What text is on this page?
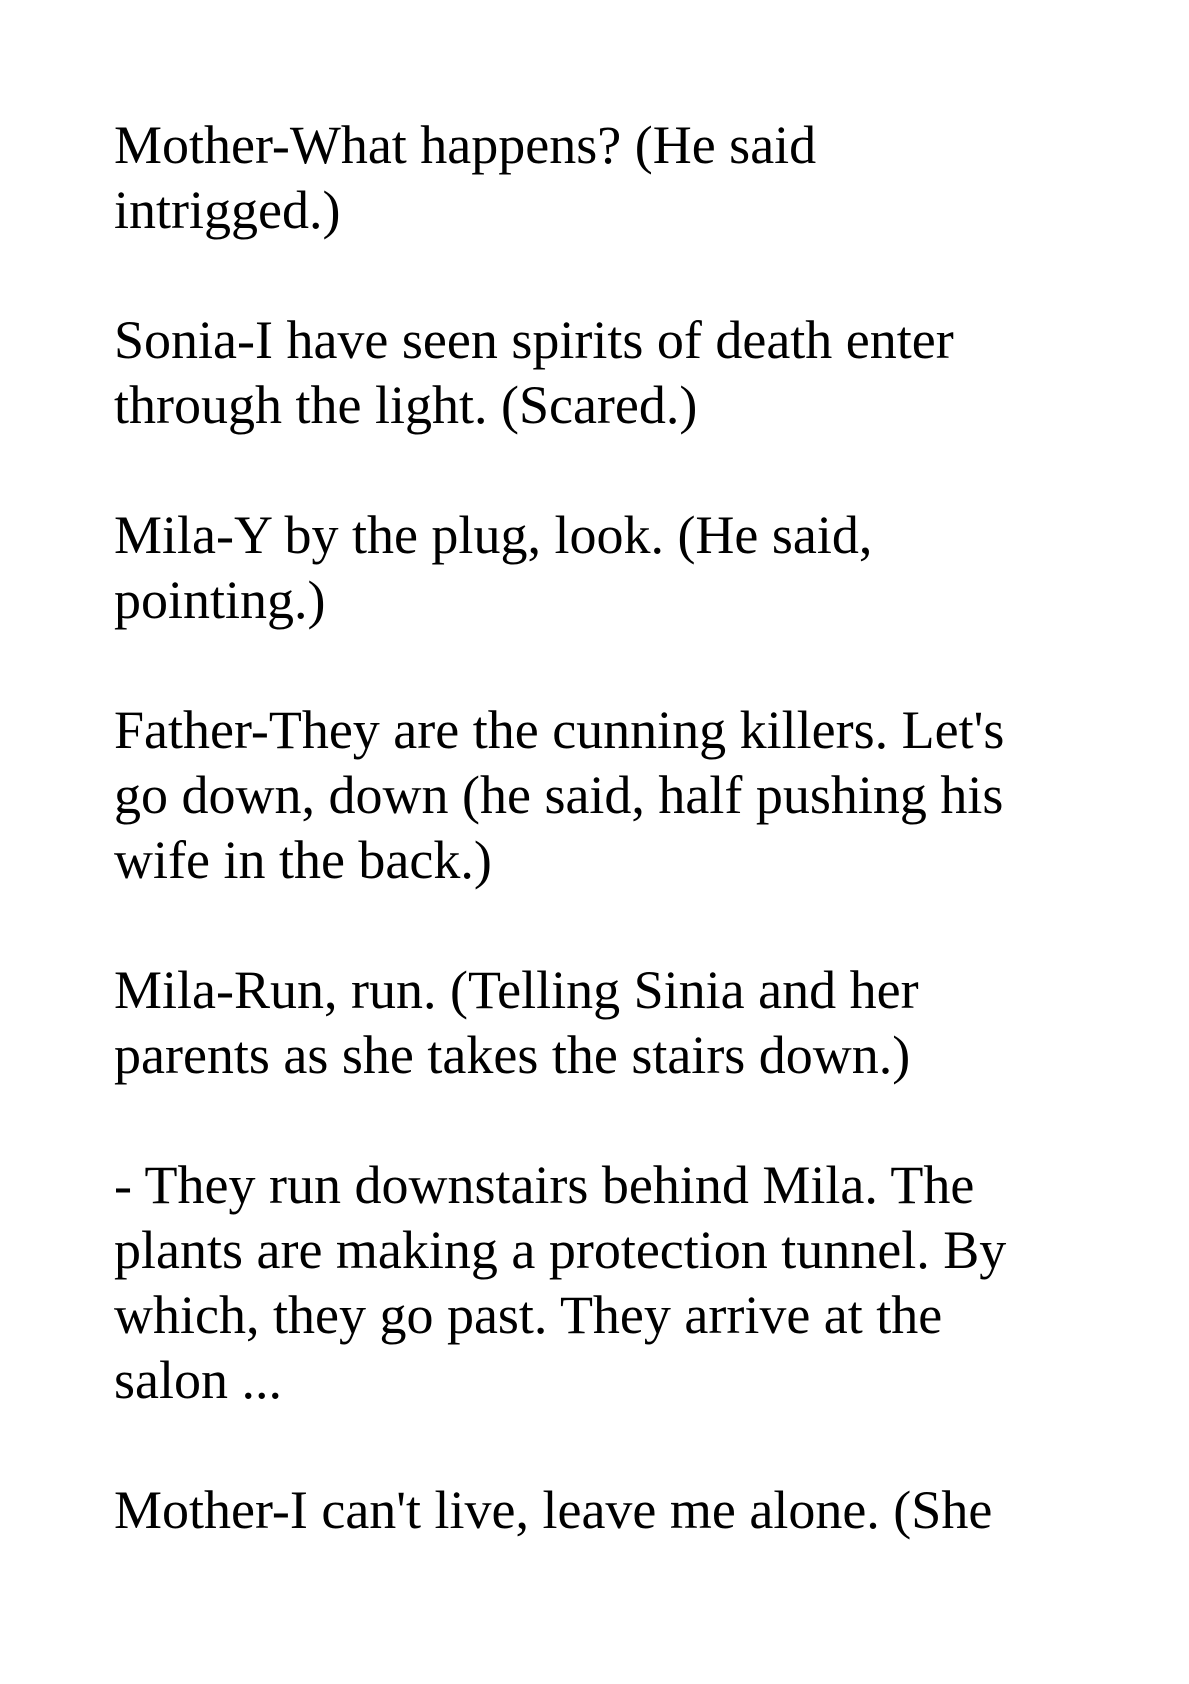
Mother-What happens? (He said
intrigged.)

Sonia-I have seen spirits of death enter
through the light. (Scared.)

Mila-Y by the plug, look. (He said,
pointing.)

Father-They are the cunning killers. Let's
go down, down (he said, half pushing his
wife in the back.)

Mila-Run, run. (Telling Sinia and her
parents as she takes the stairs down.)

- They run downstairs behind Mila. The
plants are making a protection tunnel. By
which, they go past. They arrive at the
salon ...

Mother-I can't live, leave me alone. (She
